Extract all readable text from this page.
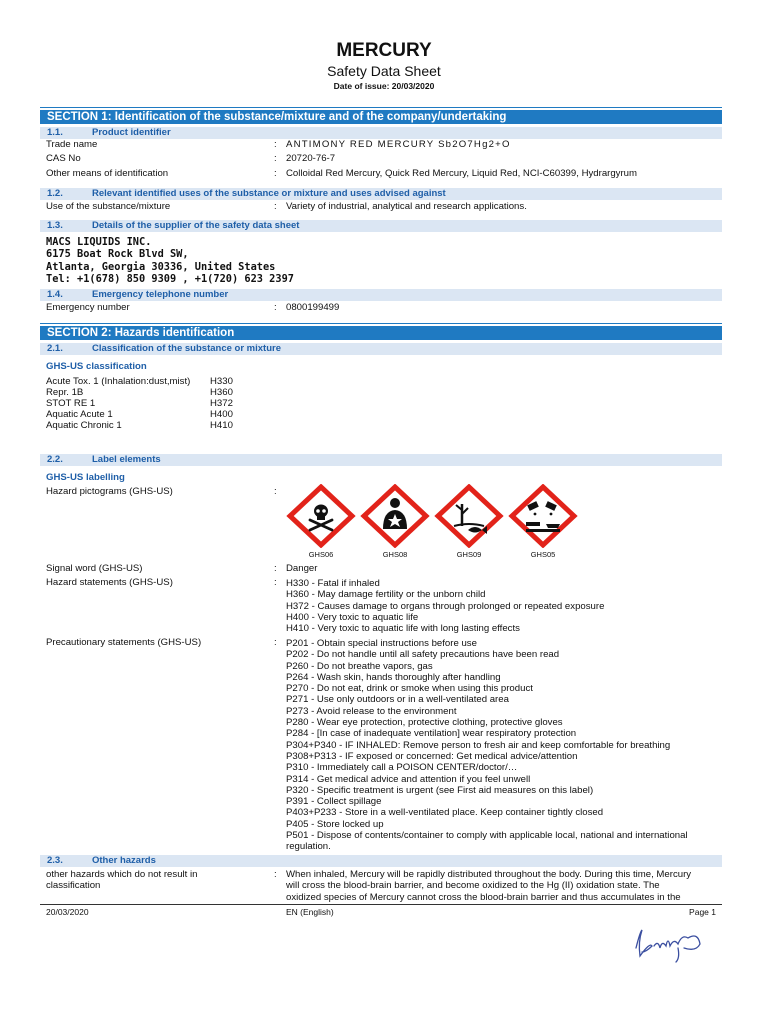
MERCURY
Safety Data Sheet
Date of issue: 20/03/2020
SECTION 1: Identification of the substance/mixture and of the company/undertaking
1.1.	Product identifier
Trade name	: ANTIMONY RED MERCURY Sb2O7Hg2+O
CAS No	: 20720-76-7
Other means of identification	: Colloidal Red Mercury, Quick Red Mercury, Liquid Red, NCI-C60399, Hydrargyrum
1.2.	Relevant identified uses of the substance or mixture and uses advised against
Use of the substance/mixture	: Variety of industrial, analytical and research applications.
1.3.	Details of the supplier of the safety data sheet
MACS LIQUIDS INC.
6175 Boat Rock Blvd SW,
Atlanta, Georgia 30336, United States
Tel: +1(678) 850 9309 , +1(720) 623 2397
1.4.	Emergency telephone number
Emergency number	: 0800199499
SECTION 2: Hazards identification
2.1.	Classification of the substance or mixture
GHS-US classification
Acute Tox. 1 (Inhalation:dust,mist) H330
Repr. 1B	H360
STOT RE 1	H372
Aquatic Acute 1	H400
Aquatic Chronic 1	H410
2.2.	Label elements
GHS-US labelling
Hazard pictograms (GHS-US)	:
GHS06	GHS08	GHS09	GHS05
Signal word (GHS-US)	: Danger
Hazard statements (GHS-US)	: H330 - Fatal if inhaled
H360 - May damage fertility or the unborn child
H372 - Causes damage to organs through prolonged or repeated exposure
H400 - Very toxic to aquatic life
H410 - Very toxic to aquatic life with long lasting effects
Precautionary statements (GHS-US)	: P201 - Obtain special instructions before use
P202 - Do not handle until all safety precautions have been read
P260 - Do not breathe vapors, gas
P264 - Wash skin, hands thoroughly after handling
P270 - Do not eat, drink or smoke when using this product
P271 - Use only outdoors or in a well-ventilated area
P273 - Avoid release to the environment
P280 - Wear eye protection, protective clothing, protective gloves
P284 - [In case of inadequate ventilation] wear respiratory protection
P304+P340 - IF INHALED: Remove person to fresh air and keep comfortable for breathing
P308+P313 - IF exposed or concerned: Get medical advice/attention
P310 - Immediately call a POISON CENTER/doctor/…
P314 - Get medical advice and attention if you feel unwell
P320 - Specific treatment is urgent (see First aid measures on this label)
P391 - Collect spillage
P403+P233 - Store in a well-ventilated place. Keep container tightly closed
P405 - Store locked up
P501 - Dispose of contents/container to comply with applicable local, national and international
regulation.
2.3.	Other hazards
other hazards which do not result in	:
classification
When inhaled, Mercury will be rapidly distributed throughout the body. During this time, Mercury
will cross the blood-brain barrier, and become oxidized to the Hg (II) oxidation state. The
oxidized species of Mercury cannot cross the blood-brain barrier and thus accumulates in the
20/03/2020	EN (English)	Page 1
